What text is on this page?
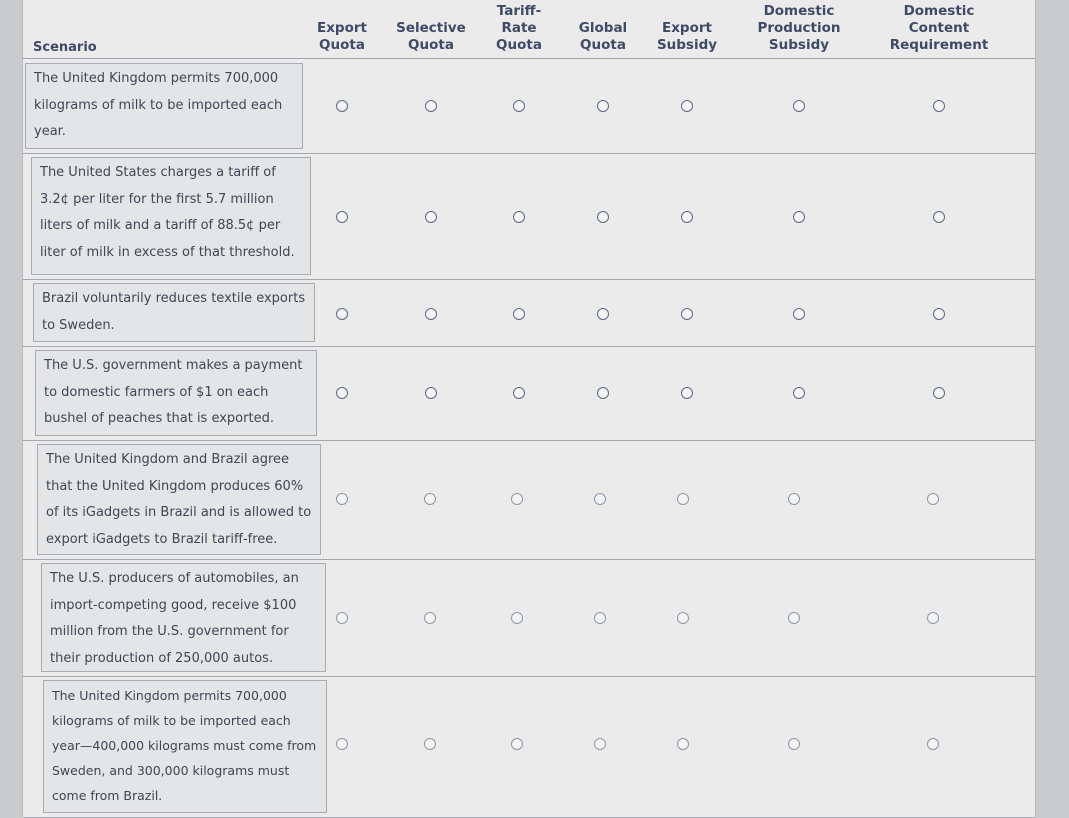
Scenario
Export
Quota
Selective
Quota
Tariff-
Rate
Quota
Global
Quota
Export
Subsidy
Domestic
Production
Subsidy
Domestic
Content
Requirement
The United Kingdom permits 700,000 kilograms of milk to be imported each year.
The United States charges a tariff of 3.2¢ per liter for the first 5.7 million liters of milk and a tariff of 88.5¢ per liter of milk in excess of that threshold.
Brazil voluntarily reduces textile exports to Sweden.
The U.S. government makes a payment to domestic farmers of $1 on each bushel of peaches that is exported.
The United Kingdom and Brazil agree that the United Kingdom produces 60% of its iGadgets in Brazil and is allowed to export iGadgets to Brazil tariff-free.
The U.S. producers of automobiles, an import-competing good, receive $100 million from the U.S. government for their production of 250,000 autos.
The United Kingdom permits 700,000 kilograms of milk to be imported each year—400,000 kilograms must come from Sweden, and 300,000 kilograms must come from Brazil.
